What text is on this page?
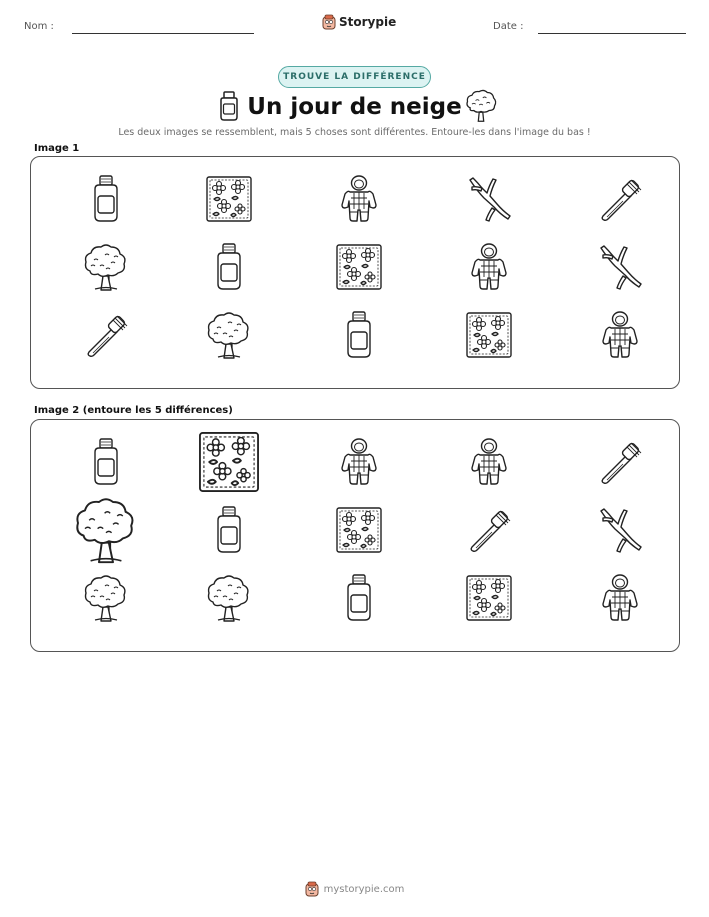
Nom :	Storypie	Date :
TROUVE LA DIFFÉRENCE
Un jour de neige
Les deux images se ressemblent, mais 5 choses sont différentes. Entoure-les dans l'image du bas !
Image 1
Image 2 (entoure les 5 différences)
mystorypie.com
